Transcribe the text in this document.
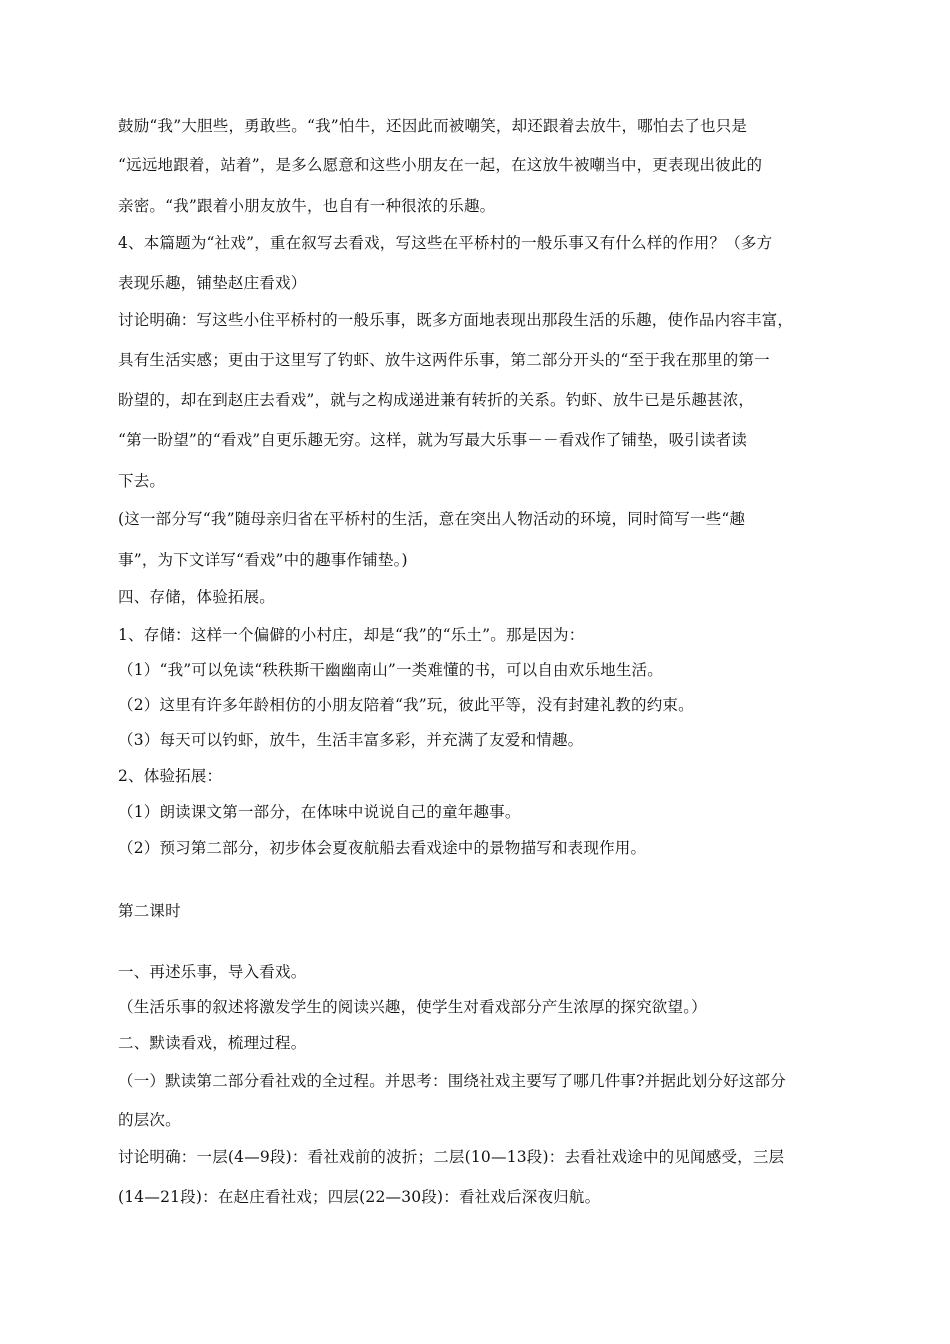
鼓励“我”大胆些，勇敢些。“我”怕牛，还因此而被嘲笑，却还跟着去放牛，哪怕去了也只是
“远远地跟着，站着”，是多么愿意和这些小朋友在一起，在这放牛被嘲当中，更表现出彼此的
亲密。“我”跟着小朋友放牛，也自有一种很浓的乐趣。
4、本篇题为“社戏”，重在叙写去看戏，写这些在平桥村的一般乐事又有什么样的作用？（多方
表现乐趣，铺垫赵庄看戏）
讨论明确：写这些小住平桥村的一般乐事，既多方面地表现出那段生活的乐趣，使作品内容丰富，
具有生活实感；更由于这里写了钓虾、放牛这两件乐事，第二部分开头的“至于我在那里的第一
盼望的，却在到赵庄去看戏”，就与之构成递进兼有转折的关系。钓虾、放牛已是乐趣甚浓，
“第一盼望”的“看戏”自更乐趣无穷。这样，就为写最大乐事－－看戏作了铺垫，吸引读者读
下去。
(这一部分写“我”随母亲归省在平桥村的生活，意在突出人物活动的环境，同时简写一些“趣
事”，为下文详写“看戏”中的趣事作铺垫。)
四、存储，体验拓展。
1、存储：这样一个偏僻的小村庄，却是“我”的“乐土”。那是因为：
（1）“我”可以免读“秩秩斯干幽幽南山”一类难懂的书，可以自由欢乐地生活。
（2）这里有许多年龄相仿的小朋友陪着“我”玩，彼此平等，没有封建礼教的约束。
（3）每天可以钓虾，放牛，生活丰富多彩，并充满了友爱和情趣。
2、体验拓展：
（1）朗读课文第一部分，在体味中说说自己的童年趣事。
（2）预习第二部分，初步体会夏夜航船去看戏途中的景物描写和表现作用。
第二课时
一、再述乐事，导入看戏。
（生活乐事的叙述将激发学生的阅读兴趣，使学生对看戏部分产生浓厚的探究欲望。）
二、默读看戏，梳理过程。
（一）默读第二部分看社戏的全过程。并思考：围绕社戏主要写了哪几件事?并据此划分好这部分
的层次。
讨论明确：一层(4—9段)：看社戏前的波折；二层(10—13段)：去看社戏途中的见闻感受，三层
(14—21段)：在赵庄看社戏；四层(22—30段)：看社戏后深夜归航。
